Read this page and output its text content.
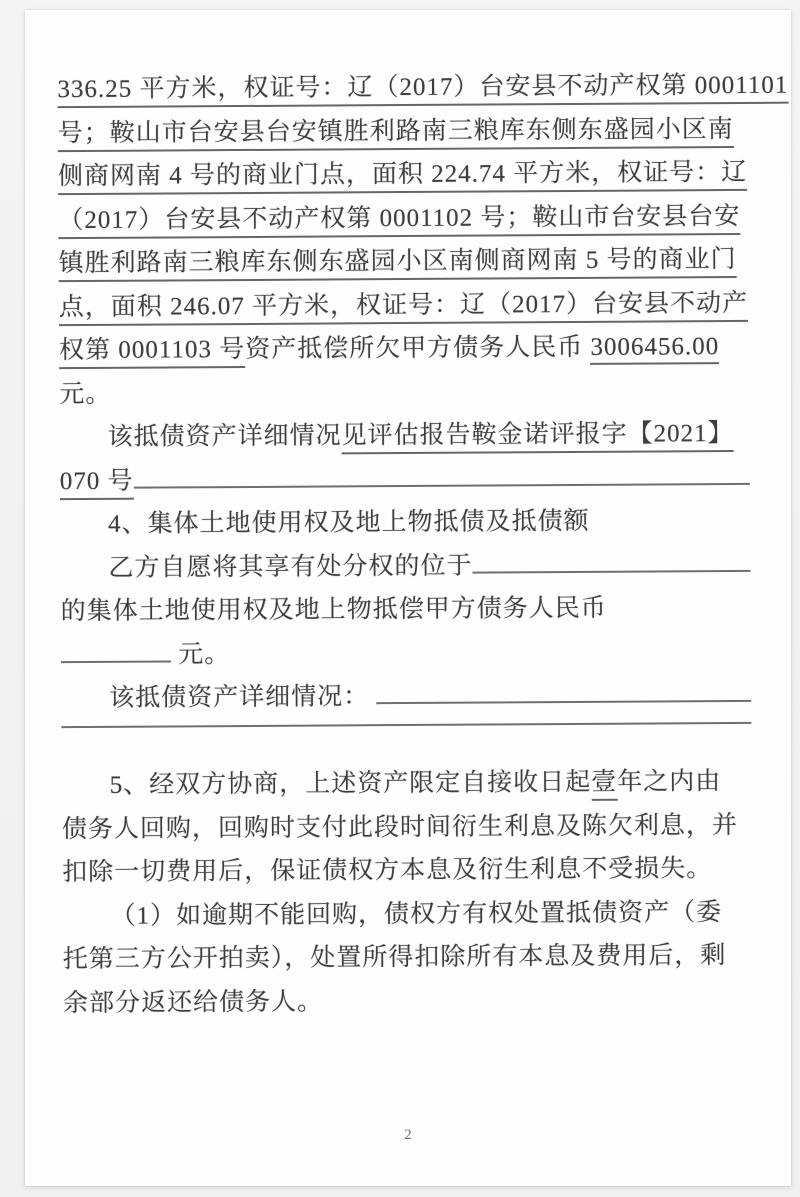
336.25 平方米，权证号：辽（2017）台安县不动产权第 0001101
号；鞍山市台安县台安镇胜利路南三粮库东侧东盛园小区南
侧商网南 4 号的商业门点，面积 224.74 平方米，权证号：辽
（2017）台安县不动产权第 0001102 号；鞍山市台安县台安
镇胜利路南三粮库东侧东盛园小区南侧商网南 5 号的商业门
点，面积 246.07 平方米，权证号：辽（2017）台安县不动产
权第 0001103 号 资产抵偿所欠甲方债务人民币 3006456.00
元。
该抵债资产详细情况 见评估报告鞍金诺评报字【2021】
070 号
4、集体土地使用权及地上物抵债及抵债额
乙方自愿将其享有处分权的位于
的集体土地使用权及地上物抵偿甲方债务人民币
元。
该抵债资产详细情况：
5、经双方协商，上述资产限定自接收日起 壹 年之内由
债务人回购，回购时支付此段时间衍生利息及陈欠利息，并
扣除一切费用后，保证债权方本息及衍生利息不受损失。
（1）如逾期不能回购，债权方有权处置抵债资产（委
托第三方公开拍卖），处置所得扣除所有本息及费用后，剩
余部分返还给债务人。
2
